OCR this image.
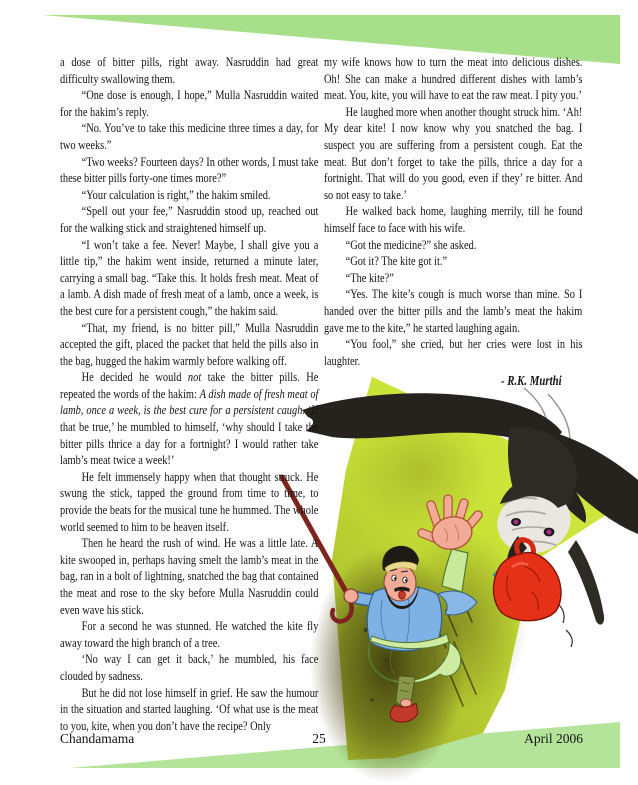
a dose of bitter pills, right away. Nasruddin had great difficulty swallowing them.

“One dose is enough, I hope,” Mulla Nasruddin waited for the hakim’s reply.

“No. You’ve to take this medicine three times a day, for two weeks.”

“Two weeks? Fourteen days? In other words, I must take these bitter pills forty-one times more?”

“Your calculation is right,” the hakim smiled.

“Spell out your fee,” Nasruddin stood up, reached out for the walking stick and straightened himself up.

“I won’t take a fee. Never! Maybe, I shall give you a little tip,” the hakim went inside, returned a minute later, carrying a small bag. “Take this. It holds fresh meat. Meat of a lamb. A dish made of fresh meat of a lamb, once a week, is the best cure for a persistent cough,” the hakim said.

“That, my friend, is no bitter pill,” Mulla Nasruddin accepted the gift, placed the packet that held the pills also in the bag, hugged the hakim warmly before walking off.

He decided he would not take the bitter pills. He repeated the words of the hakim: A dish made of fresh meat of lamb, once a week, is the best cure for a persistent caugh. ‘If that be true,’ he mumbled to himself, ‘why should I take the bitter pills thrice a day for a fortnight? I would rather take lamb’s meat twice a week!’

He felt immensely happy when that thought struck. He swung the stick, tapped the ground from time to time, to provide the beats for the musical tune he hummed. The whole world seemed to him to be heaven itself.

Then he heard the rush of wind. He was a little late. A kite swooped in, perhaps having smelt the lamb’s meat in the bag, ran in a bolt of lightning, snatched the bag that contained the meat and rose to the sky before Mulla Nasruddin could even wave his stick.

For a second he was stunned. He watched the kite fly away toward the high branch of a tree.

‘No way I can get it back,’ he mumbled, his face clouded by sadness.

But he did not lose himself in grief. He saw the humour in the situation and started laughing. ‘Of what use is the meat to you, kite, when you don’t have the recipe? Only

my wife knows how to turn the meat into delicious dishes. Oh! She can make a hundred different dishes with lamb’s meat. You, kite, you will have to eat the raw meat. I pity you.’

He laughed more when another thought struck him. ‘Ah! My dear kite! I now know why you snatched the bag. I suspect you are suffering from a persistent cough. Eat the meat. But don’t forget to take the pills, thrice a day for a fortnight. That will do you good, even if they’ re bitter. And so not easy to take.’

He walked back home, laughing merrily, till he found himself face to face with his wife.

“Got the medicine?” she asked.

“Got it? The kite got it.”

“The kite?”

“Yes. The kite’s cough is much worse than mine. So I handed over the bitter pills and the lamb’s meat the hakim gave me to the kite,” he started laughing again.

“You fool,” she cried, but her cries were lost in his laughter.

- R.K. Murthi
Chandamama	25	April 2006
